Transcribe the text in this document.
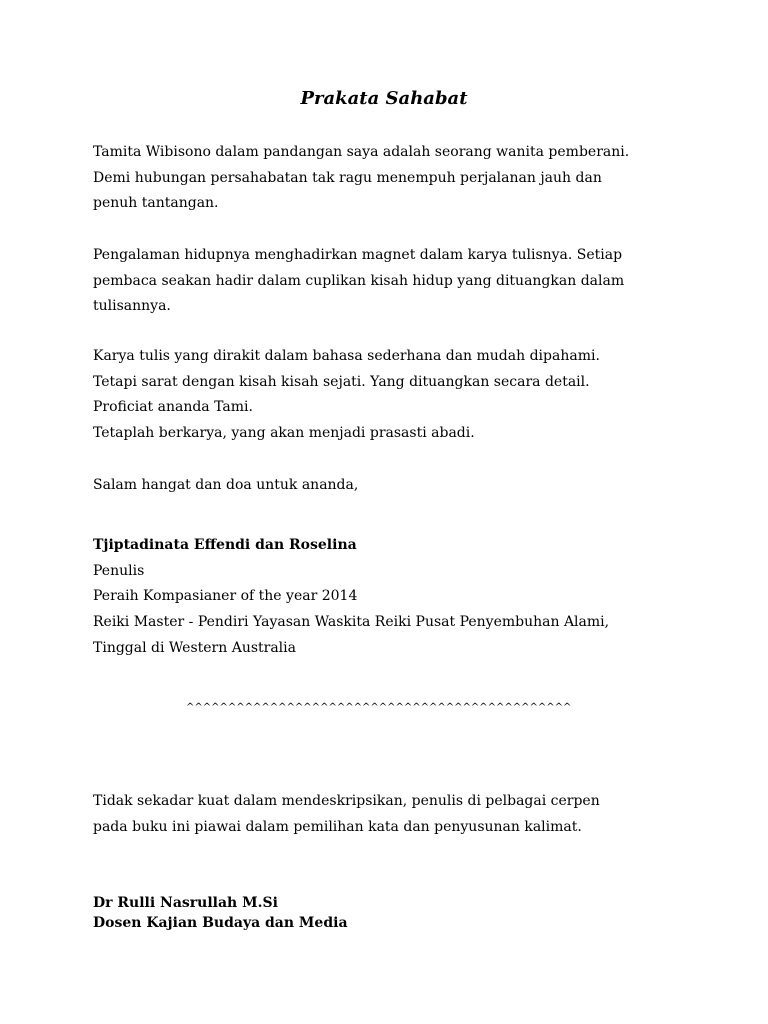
Prakata Sahabat
Tamita Wibisono dalam pandangan saya adalah seorang wanita pemberani.
Demi hubungan persahabatan tak ragu menempuh perjalanan jauh dan
penuh tantangan.
Pengalaman hidupnya menghadirkan magnet dalam karya tulisnya. Setiap
pembaca seakan hadir dalam cuplikan kisah hidup yang dituangkan dalam
tulisannya.
Karya tulis yang dirakit dalam bahasa sederhana dan mudah dipahami.
Tetapi sarat dengan kisah kisah sejati. Yang dituangkan secara detail.
Proficiat ananda Tami.
Tetaplah berkarya, yang akan menjadi prasasti abadi.
Salam hangat dan doa untuk ananda,
Tjiptadinata Effendi dan Roselina
Penulis
Peraih Kompasianer of the year 2014
Reiki Master - Pendiri Yayasan Waskita Reiki Pusat Penyembuhan Alami,
Tinggal di Western Australia
^^^^^^^^^^^^^^^^^^^^^^^^^^^^^^^^^^^^^^^^^^^^^^
Tidak sekadar kuat dalam mendeskripsikan, penulis di pelbagai cerpen
pada buku ini piawai dalam pemilihan kata dan penyusunan kalimat.
Dr Rulli Nasrullah M.Si
Dosen Kajian Budaya dan Media
